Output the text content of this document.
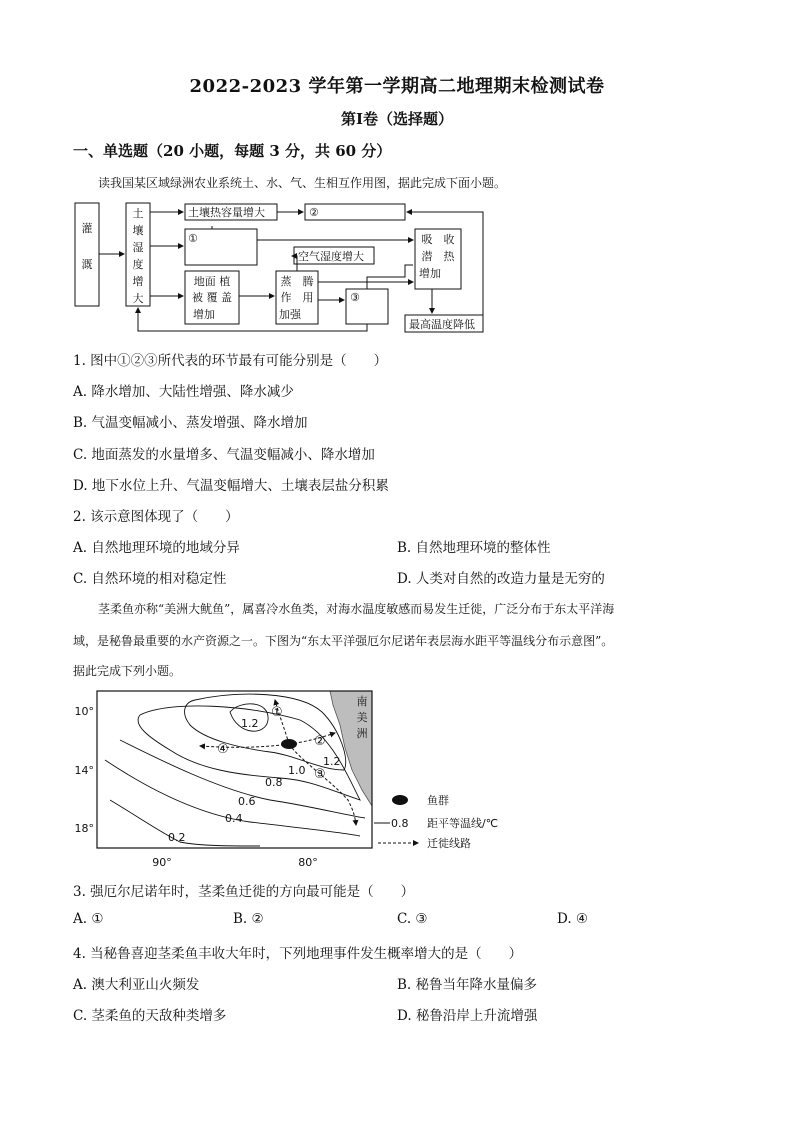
2022-2023 学年第一学期高二地理期末检测试卷
第Ⅰ卷（选择题）
一、单选题（20 小题，每题 3 分，共 60 分）
读我国某区域绿洲农业系统土、水、气、生相互作用图，据此完成下面小题。
灌
溉
土
壤
湿
度
增
大
土壤热容量增大	②
①
空气湿度增大
吸　收
潜　热
增加
地面 植
被 覆 盖
增加
蒸　腾
作　用
加强
③
最高温度降低
1. 图中①②③所代表的环节最有可能分别是（　　）
A. 降水增加、大陆性增强、降水减少
B. 气温变幅减小、蒸发增强、降水增加
C. 地面蒸发的水量增多、气温变幅减小、降水增加
D. 地下水位上升、气温变幅增大、土壤表层盐分积累
2. 该示意图体现了（　　）
A. 自然地理环境的地域分异	B. 自然地理环境的整体性
C. 自然环境的相对稳定性	D. 人类对自然的改造力量是无穷的
茎柔鱼亦称“美洲大鱿鱼”，属喜冷水鱼类，对海水温度敏感而易发生迁徙，广泛分布于东太平洋海
域，是秘鲁最重要的水产资源之一。下图为“东太平洋强厄尔尼诺年表层海水距平等温线分布示意图”。
据此完成下列小题。
南
美
洲
10°
14°
18°
90°	80°
1.2
1.2
1.0
0.8
0.6
0.4
0.2
①
②
③
④
鱼群
0.8 距平等温线/℃
迁徙线路
3. 强厄尔尼诺年时，茎柔鱼迁徙的方向最可能是（　　）
A. ①	B. ②	C. ③	D. ④
4. 当秘鲁喜迎茎柔鱼丰收大年时，下列地理事件发生概率增大的是（　　）
A. 澳大利亚山火频发	B. 秘鲁当年降水量偏多
C. 茎柔鱼的天敌种类增多	D. 秘鲁沿岸上升流增强
